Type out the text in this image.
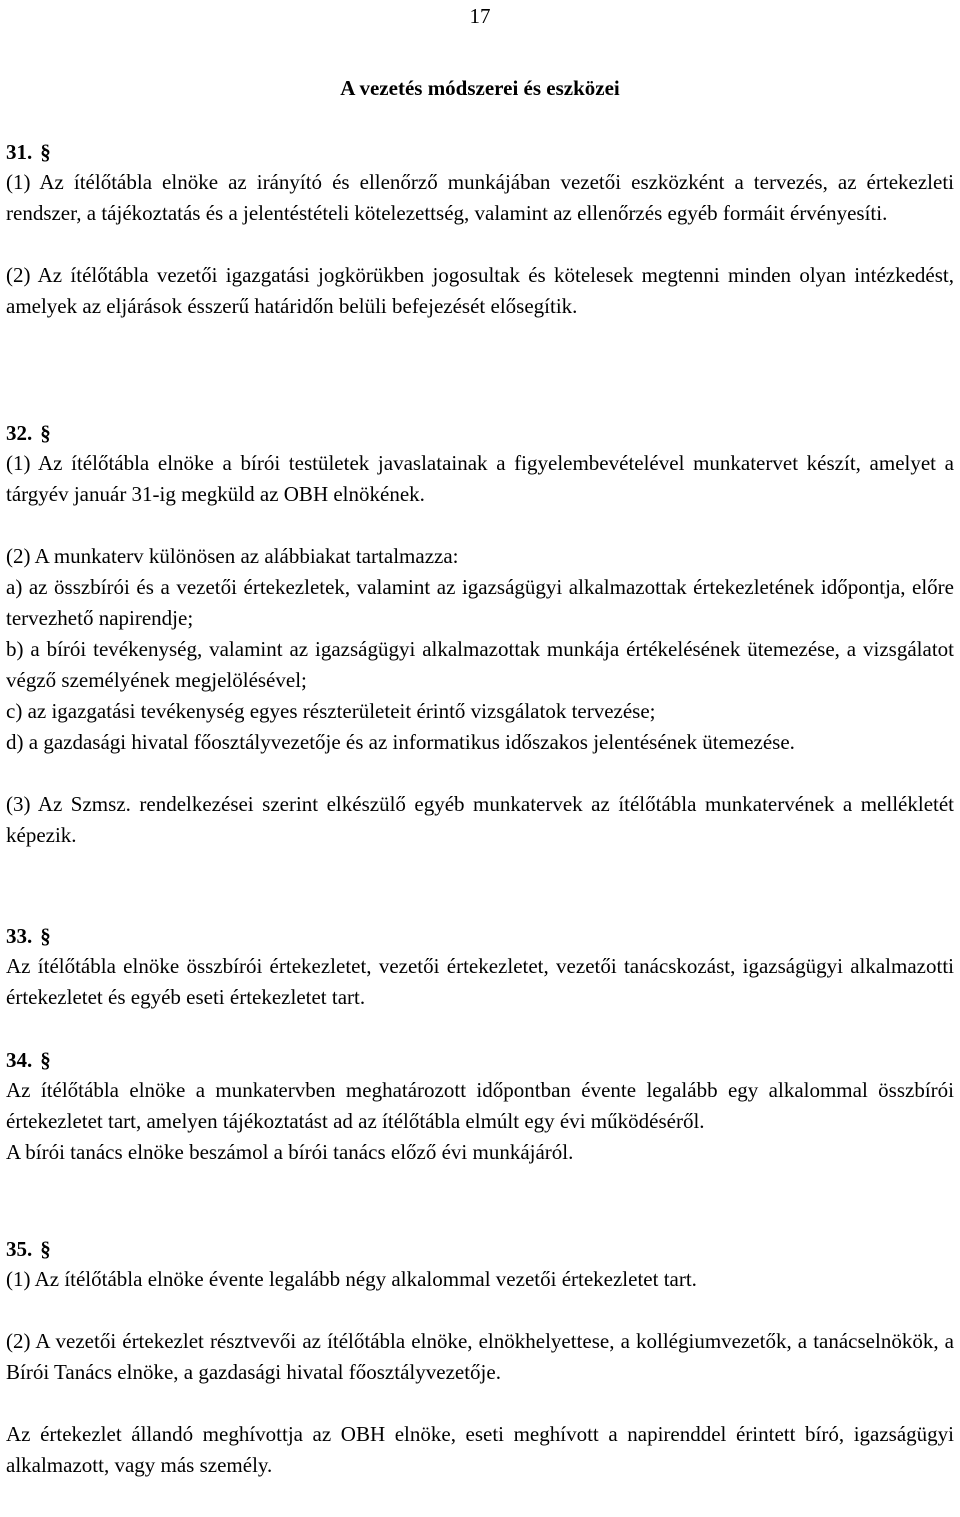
17
A vezetés módszerei és eszközei

31. §

(1) Az ítélőtábla elnöke az irányító és ellenőrző munkájában vezetői eszközként a tervezés, az értekezleti rendszer, a tájékoztatás és a jelentéstételi kötelezettség, valamint az ellenőrzés egyéb formáit érvényesíti.

(2) Az ítélőtábla vezetői igazgatási jogkörükben jogosultak és kötelesek megtenni minden olyan intézkedést, amelyek az eljárások ésszerű határidőn belüli befejezését elősegítik.

32. §

(1) Az ítélőtábla elnöke a bírói testületek javaslatainak a figyelembevételével munkatervet készít, amelyet a tárgyév január 31-ig megküld az OBH elnökének.

(2) A munkaterv különösen az alábbiakat tartalmazza:

a) az összbírói és a vezetői értekezletek, valamint az igazságügyi alkalmazottak értekezletének időpontja, előre tervezhető napirendje;

b) a bírói tevékenység, valamint az igazságügyi alkalmazottak munkája értékelésének ütemezése, a vizsgálatot végző személyének megjelölésével;

c) az igazgatási tevékenység egyes részterületeit érintő vizsgálatok tervezése;

d) a gazdasági hivatal főosztályvezetője és az informatikus időszakos jelentésének ütemezése.

(3) Az Szmsz. rendelkezései szerint elkészülő egyéb munkatervek az ítélőtábla munkatervének a mellékletét képezik.

33. §

Az ítélőtábla elnöke összbírói értekezletet, vezetői értekezletet, vezetői tanácskozást, igazságügyi alkalmazotti értekezletet és egyéb eseti értekezletet tart.

34. §

Az ítélőtábla elnöke a munkatervben meghatározott időpontban évente legalább egy alkalommal összbírói értekezletet tart, amelyen tájékoztatást ad az ítélőtábla elmúlt egy évi működéséről.

A bírói tanács elnöke beszámol a bírói tanács előző évi munkájáról.

35. §

(1) Az ítélőtábla elnöke évente legalább négy alkalommal vezetői értekezletet tart.

(2) A vezetői értekezlet résztvevői az ítélőtábla elnöke, elnökhelyettese, a kollégiumvezetők, a tanácselnökök, a Bírói Tanács elnöke, a gazdasági hivatal főosztályvezetője.

Az értekezlet állandó meghívottja az OBH elnöke, eseti meghívott a napirenddel érintett bíró, igazságügyi alkalmazott, vagy más személy.
